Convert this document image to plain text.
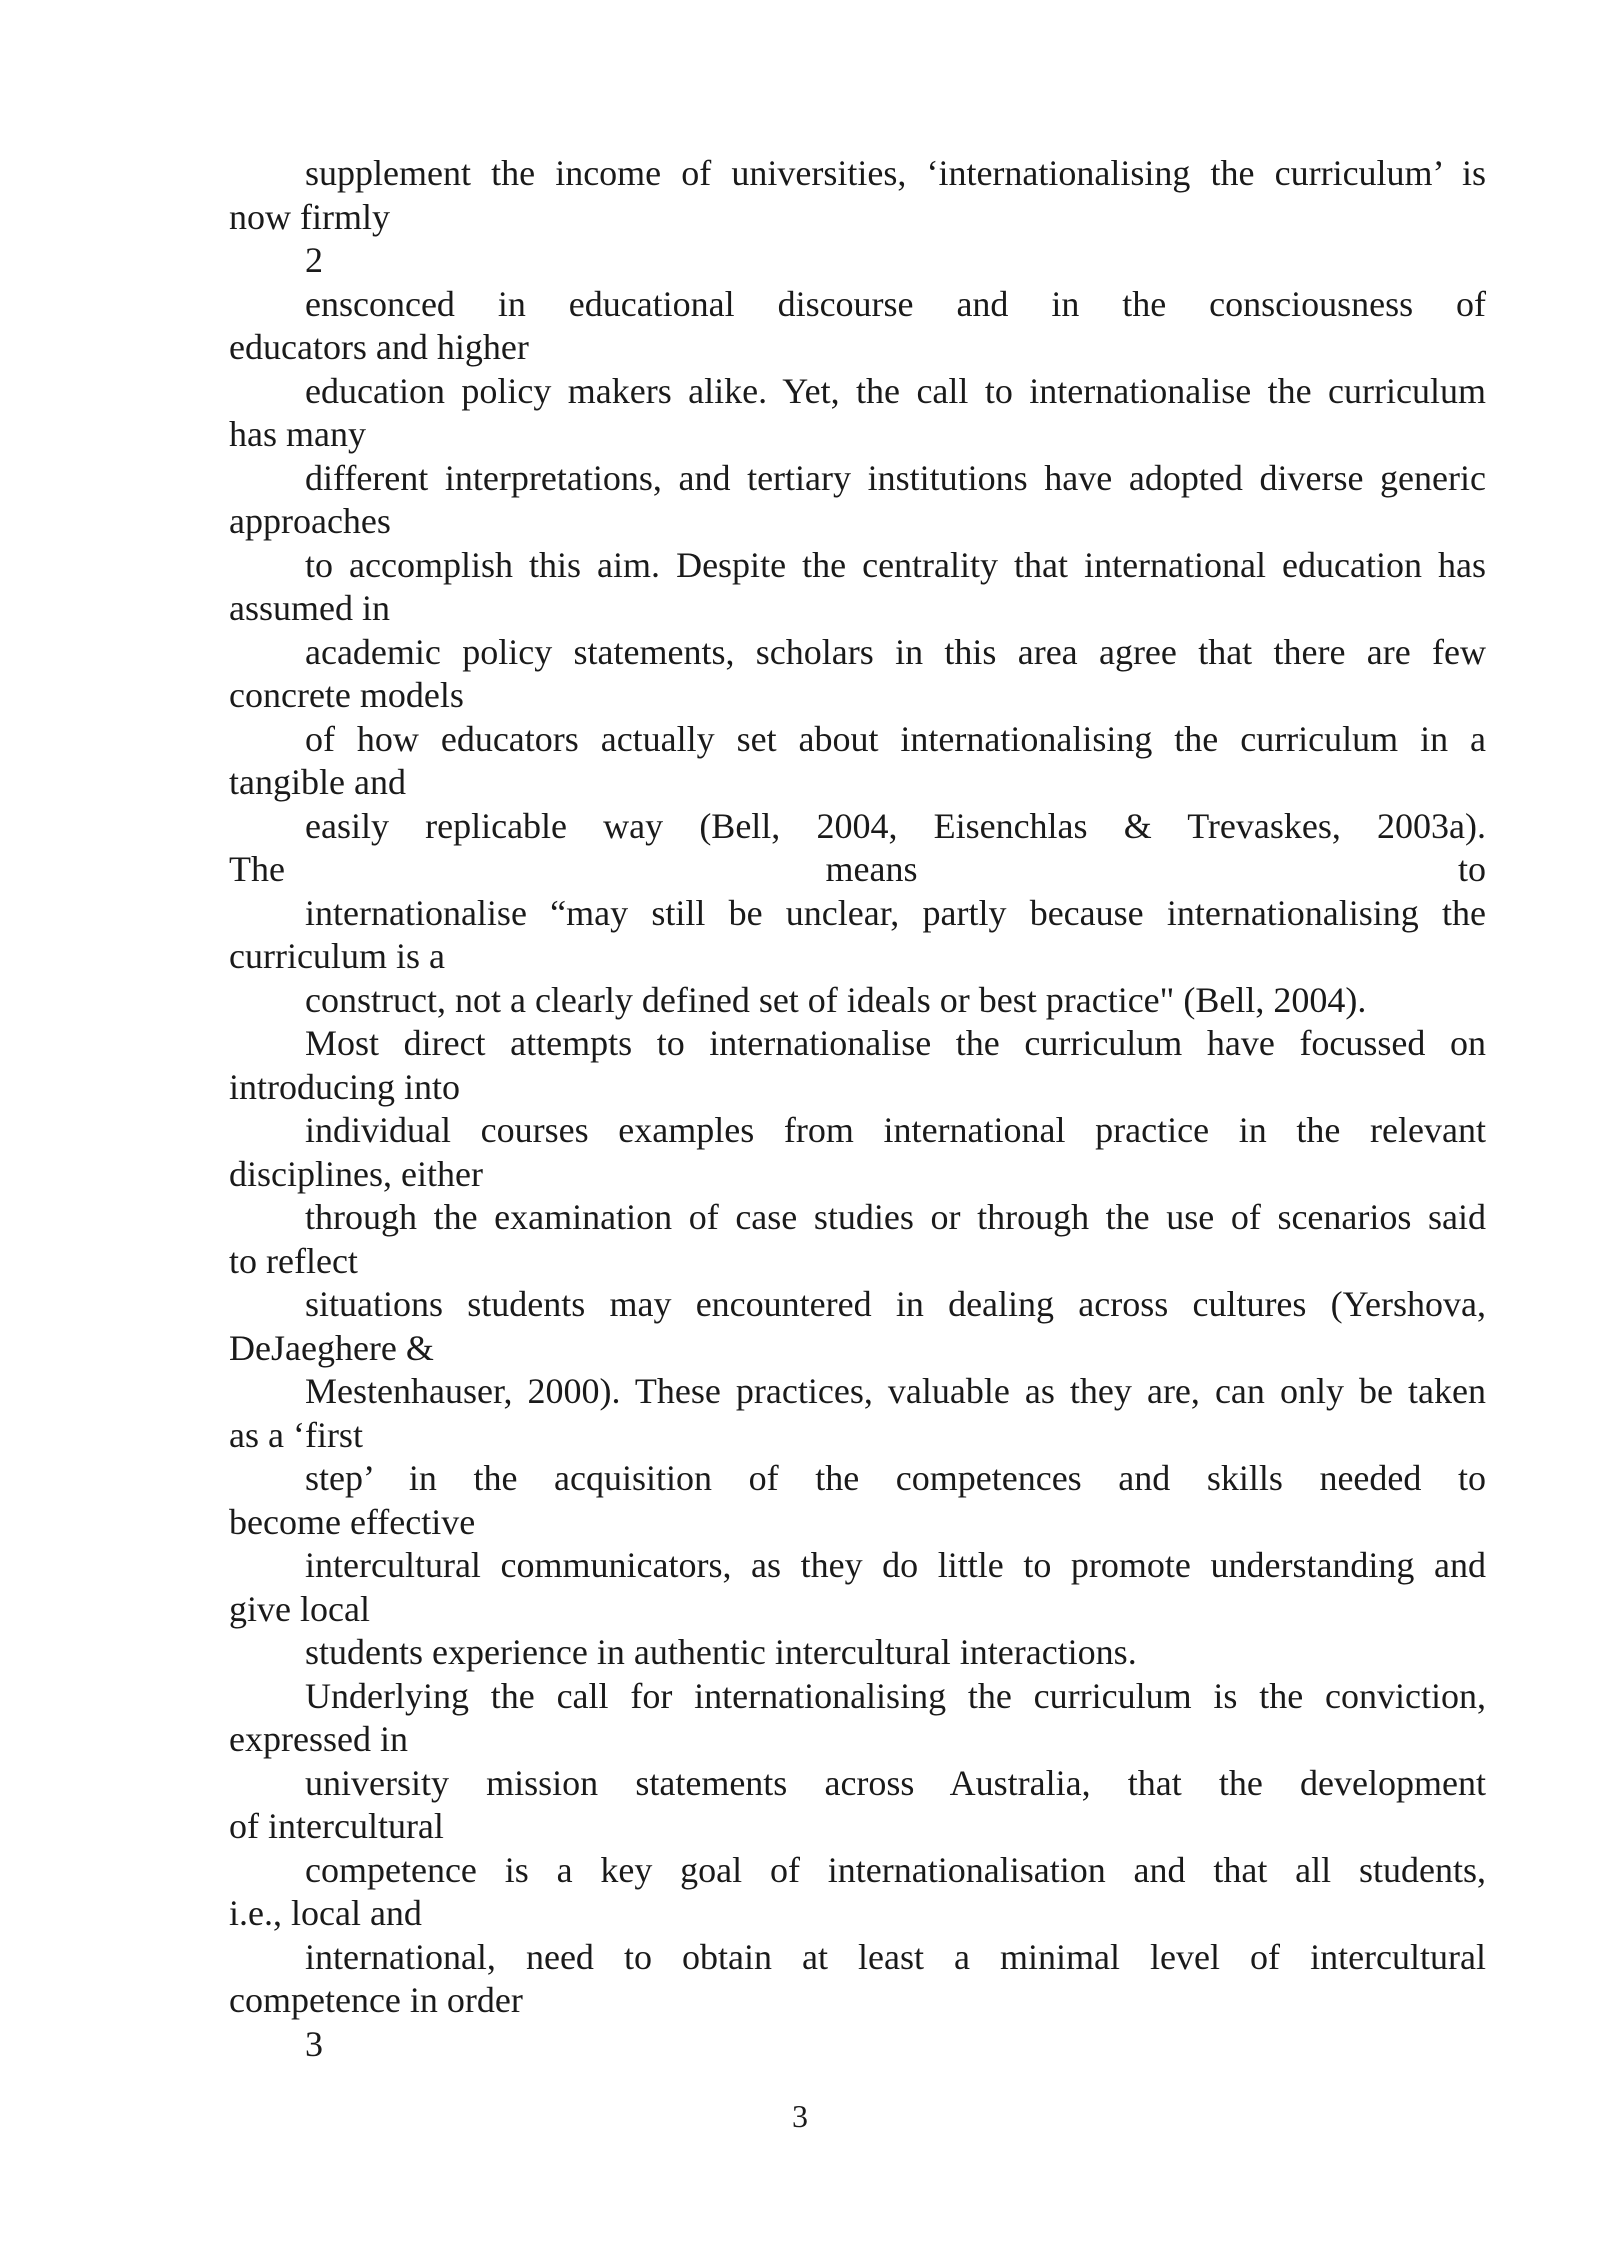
supplement the income of universities, ‘internationalising the curriculum’ is
now firmly
2
ensconced in educational discourse and in the consciousness of
educators and higher
education policy makers alike. Yet, the call to internationalise the curriculum
has many
different interpretations, and tertiary institutions have adopted diverse generic
approaches
to accomplish this aim. Despite the centrality that international education has
assumed in
academic policy statements, scholars in this area agree that there are few
concrete models
of how educators actually set about internationalising the curriculum in a
tangible and
easily replicable way (Bell, 2004, Eisenchlas & Trevaskes, 2003a).
The means to
internationalise “may still be unclear, partly because internationalising the
curriculum is a
construct, not a clearly defined set of ideals or best practice" (Bell, 2004).
Most direct attempts to internationalise the curriculum have focussed on
introducing into
individual courses examples from international practice in the relevant
disciplines, either
through the examination of case studies or through the use of scenarios said
to reflect
situations students may encountered in dealing across cultures (Yershova,
DeJaeghere &
Mestenhauser, 2000). These practices, valuable as they are, can only be taken
as a ‘first
step’ in the acquisition of the competences and skills needed to
become effective
intercultural communicators, as they do little to promote understanding and
give local
students experience in authentic intercultural interactions.
Underlying the call for internationalising the curriculum is the conviction,
expressed in
university mission statements across Australia, that the development
of intercultural
competence is a key goal of internationalisation and that all students,
i.e., local and
international, need to obtain at least a minimal level of intercultural
competence in order
3
3
